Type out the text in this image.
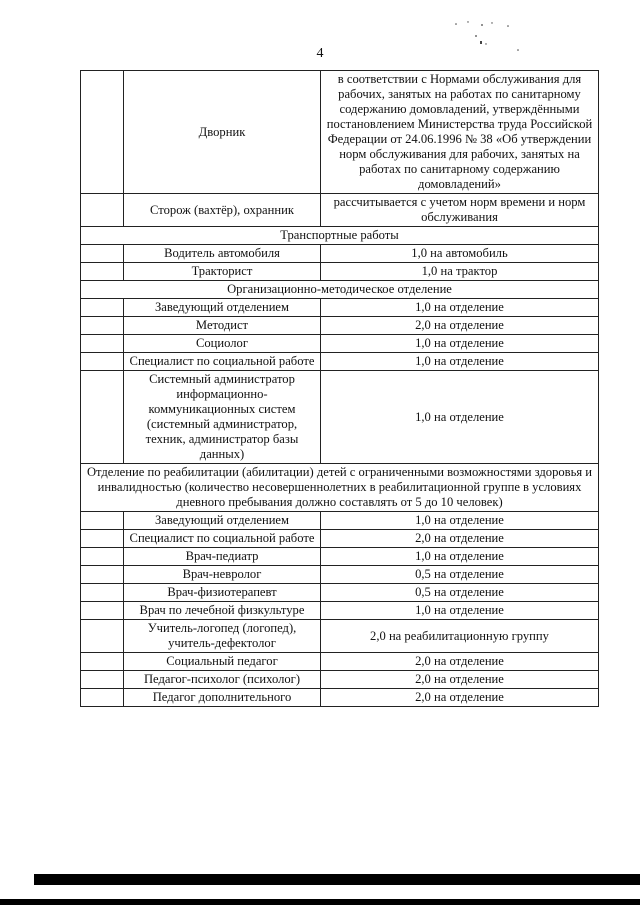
4
	Дворник	в соответствии с Нормами обслуживания для рабочих, занятых на работах по санитарному содержанию домовладений, утверждёнными постановлением Министерства труда Российской Федерации от 24.06.1996 № 38 «Об утверждении норм обслуживания для рабочих, занятых на работах по санитарному содержанию домовладений»
	Сторож (вахтёр), охранник	рассчитывается с учетом норм времени и норм обслуживания
Транспортные работы		
	Водитель автомобиля	1,0 на автомобиль
	Тракторист	1,0 на трактор
Организационно-методическое отделение		
	Заведующий отделением	1,0 на отделение
	Методист	2,0 на отделение
	Социолог	1,0 на отделение
	Специалист по социальной работе	1,0 на отделение
	Системный администратор информационно-коммуникационных систем (системный администратор, техник, администратор базы данных)	1,0 на отделение
Отделение по реабилитации (абилитации) детей с ограниченными возможностями здоровья и инвалидностью (количество несовершеннолетних в реабилитационной группе в условиях дневного пребывания должно составлять от 5 до 10 человек)		
	Заведующий отделением	1,0 на отделение
	Специалист по социальной работе	2,0 на отделение
	Врач-педиатр	1,0 на отделение
	Врач-невролог	0,5 на отделение
	Врач-физиотерапевт	0,5 на отделение
	Врач по лечебной физкультуре	1,0 на отделение
	Учитель-логопед (логопед), учитель-дефектолог	2,0 на реабилитационную группу
	Социальный педагог	2,0 на отделение
	Педагог-психолог (психолог)	2,0 на отделение
	Педагог дополнительного	2,0 на отделение
